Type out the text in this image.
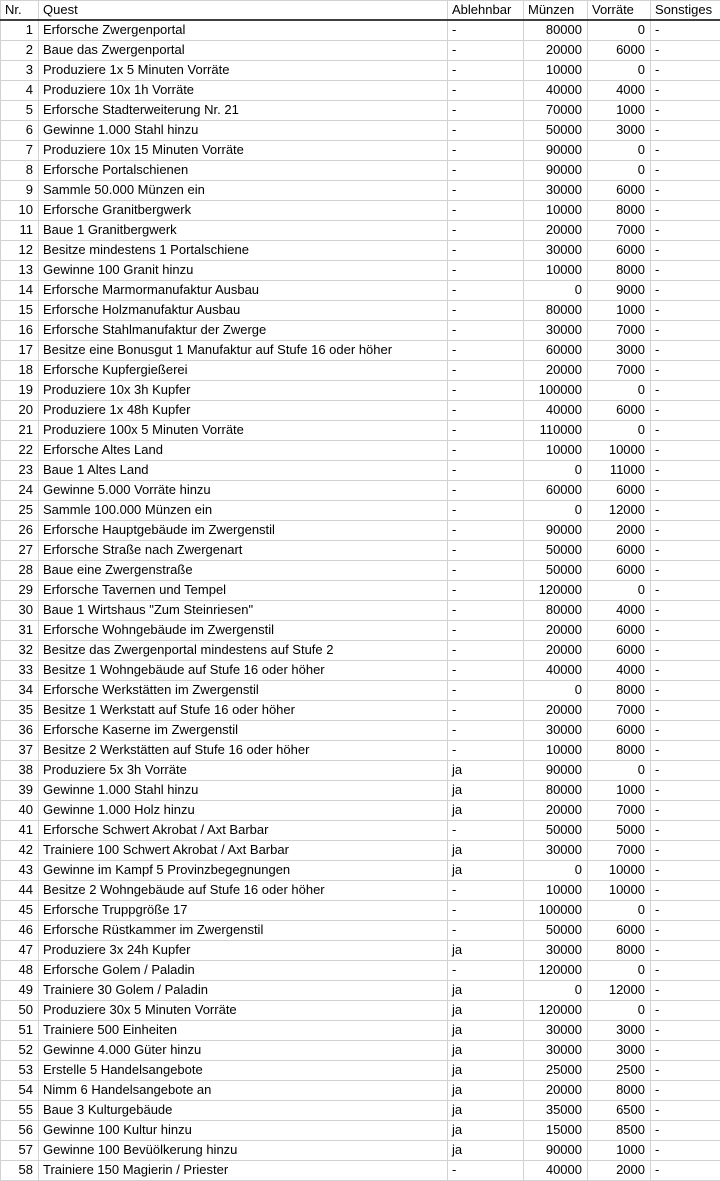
Nr.	Quest	Ablehnbar	Münzen	Vorräte	Sonstiges
1	Erforsche Zwergenportal	-	80000	0	-
2	Baue das Zwergenportal	-	20000	6000	-
3	Produziere 1x 5 Minuten Vorräte	-	10000	0	-
4	Produziere 10x 1h Vorräte	-	40000	4000	-
5	Erforsche Stadterweiterung Nr. 21	-	70000	1000	-
6	Gewinne 1.000 Stahl hinzu	-	50000	3000	-
7	Produziere 10x 15 Minuten Vorräte	-	90000	0	-
8	Erforsche Portalschienen	-	90000	0	-
9	Sammle 50.000 Münzen ein	-	30000	6000	-
10	Erforsche Granitbergwerk	-	10000	8000	-
11	Baue 1 Granitbergwerk	-	20000	7000	-
12	Besitze mindestens 1 Portalschiene	-	30000	6000	-
13	Gewinne 100 Granit hinzu	-	10000	8000	-
14	Erforsche Marmormanufaktur Ausbau	-	0	9000	-
15	Erforsche Holzmanufaktur Ausbau	-	80000	1000	-
16	Erforsche Stahlmanufaktur der Zwerge	-	30000	7000	-
17	Besitze eine Bonusgut 1 Manufaktur auf Stufe 16 oder höher	-	60000	3000	-
18	Erforsche Kupfergießerei	-	20000	7000	-
19	Produziere 10x 3h Kupfer	-	100000	0	-
20	Produziere 1x 48h Kupfer	-	40000	6000	-
21	Produziere 100x 5 Minuten Vorräte	-	110000	0	-
22	Erforsche Altes Land	-	10000	10000	-
23	Baue 1 Altes Land	-	0	11000	-
24	Gewinne 5.000 Vorräte hinzu	-	60000	6000	-
25	Sammle 100.000 Münzen ein	-	0	12000	-
26	Erforsche Hauptgebäude im Zwergenstil	-	90000	2000	-
27	Erforsche Straße nach Zwergenart	-	50000	6000	-
28	Baue eine Zwergenstraße	-	50000	6000	-
29	Erforsche Tavernen und Tempel	-	120000	0	-
30	Baue 1 Wirtshaus "Zum Steinriesen"	-	80000	4000	-
31	Erforsche Wohngebäude im Zwergenstil	-	20000	6000	-
32	Besitze das Zwergenportal mindestens auf Stufe 2	-	20000	6000	-
33	Besitze 1 Wohngebäude auf Stufe 16 oder höher	-	40000	4000	-
34	Erforsche Werkstätten im Zwergenstil	-	0	8000	-
35	Besitze 1 Werkstatt auf Stufe 16 oder höher	-	20000	7000	-
36	Erforsche Kaserne im Zwergenstil	-	30000	6000	-
37	Besitze 2 Werkstätten auf Stufe 16 oder höher	-	10000	8000	-
38	Produziere 5x 3h Vorräte	ja	90000	0	-
39	Gewinne 1.000 Stahl hinzu	ja	80000	1000	-
40	Gewinne 1.000 Holz hinzu	ja	20000	7000	-
41	Erforsche Schwert Akrobat / Axt Barbar	-	50000	5000	-
42	Trainiere 100 Schwert Akrobat / Axt Barbar	ja	30000	7000	-
43	Gewinne im Kampf 5 Provinzbegegnungen	ja	0	10000	-
44	Besitze 2 Wohngebäude auf Stufe 16 oder höher	-	10000	10000	-
45	Erforsche Truppgröße 17	-	100000	0	-
46	Erforsche Rüstkammer im Zwergenstil	-	50000	6000	-
47	Produziere 3x 24h Kupfer	ja	30000	8000	-
48	Erforsche Golem / Paladin	-	120000	0	-
49	Trainiere 30 Golem / Paladin	ja	0	12000	-
50	Produziere 30x 5 Minuten Vorräte	ja	120000	0	-
51	Trainiere 500 Einheiten	ja	30000	3000	-
52	Gewinne 4.000 Güter hinzu	ja	30000	3000	-
53	Erstelle 5 Handelsangebote	ja	25000	2500	-
54	Nimm 6 Handelsangebote an	ja	20000	8000	-
55	Baue 3 Kulturgebäude	ja	35000	6500	-
56	Gewinne 100 Kultur hinzu	ja	15000	8500	-
57	Gewinne 100 Bevüölkerung hinzu	ja	90000	1000	-
58	Trainiere 150 Magierin / Priester	-	40000	2000	-
